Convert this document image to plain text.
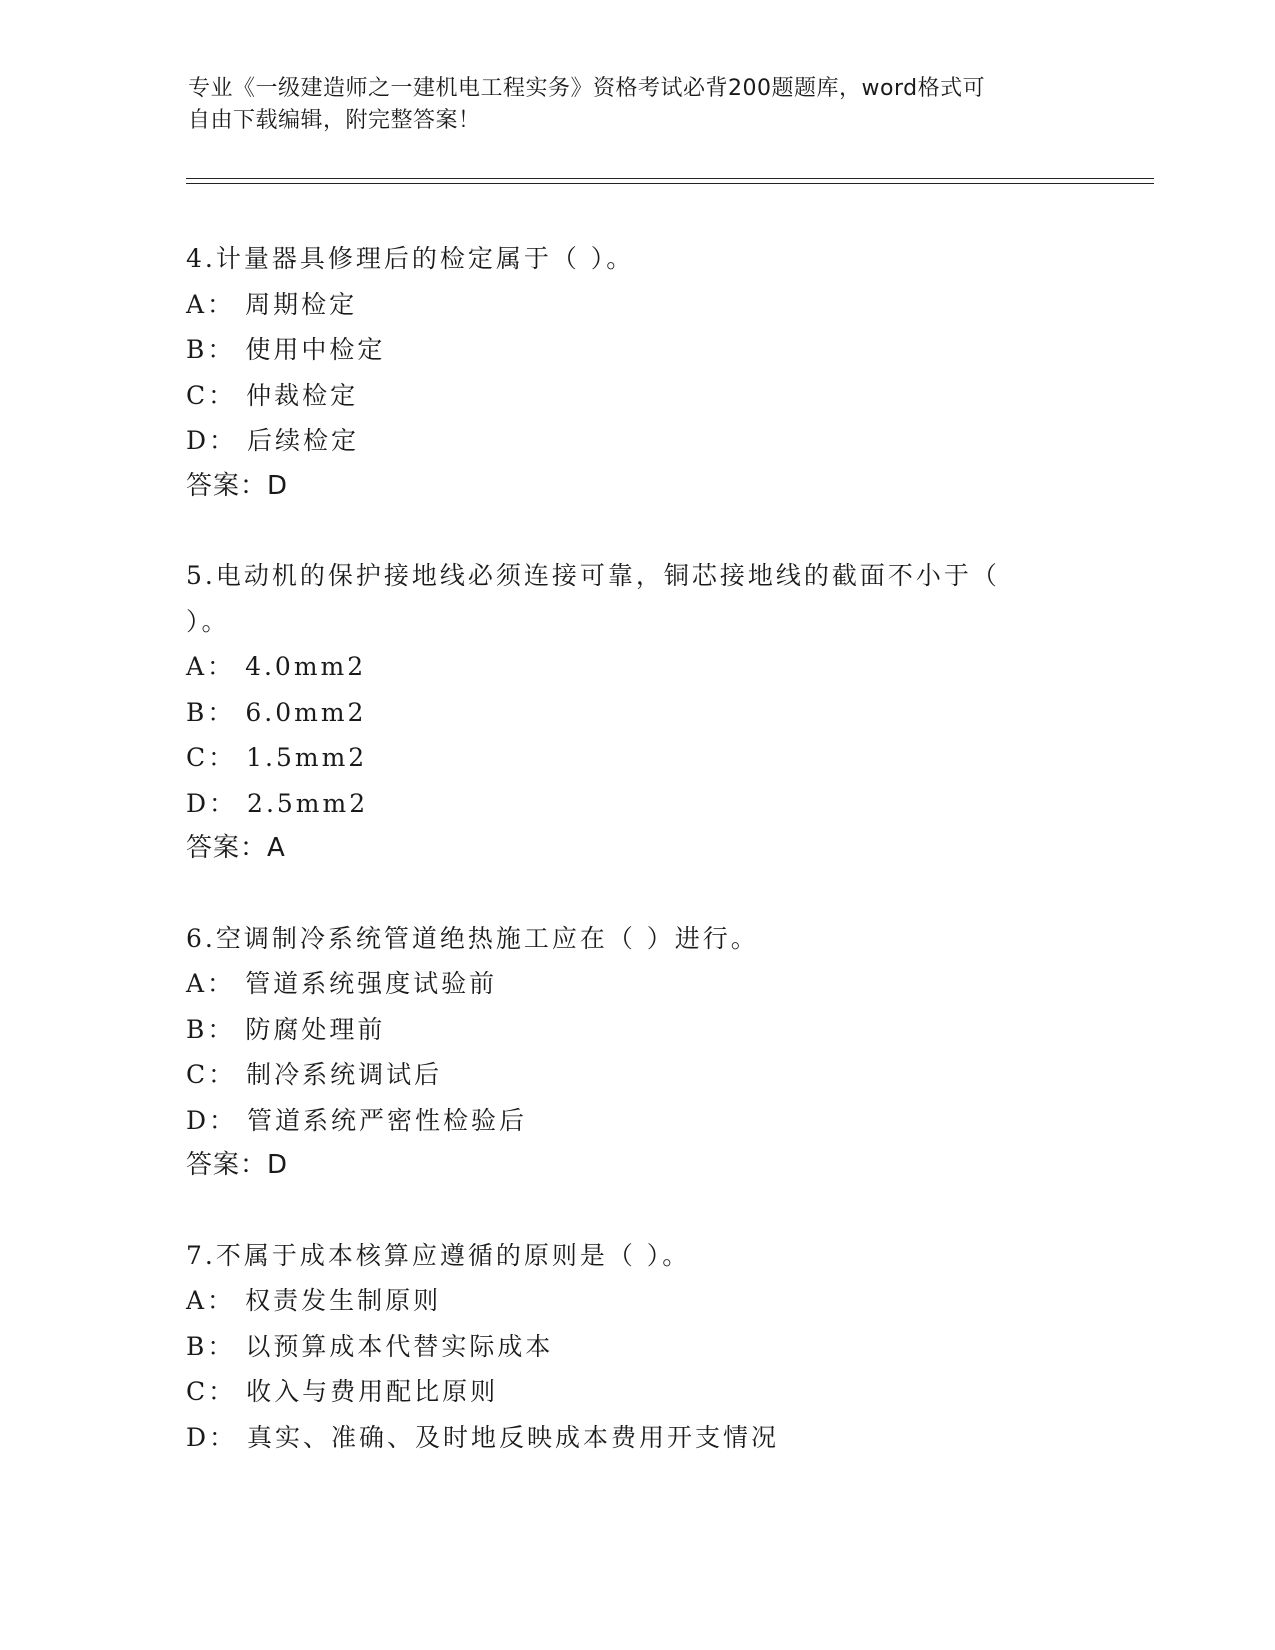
专业《一级建造师之一建机电工程实务》资格考试必背200题题库，word格式可
自由下载编辑，附完整答案！
4.计量器具修理后的检定属于（ ）。
A： 周期检定
B： 使用中检定
C： 仲裁检定
D： 后续检定
答案：D
5.电动机的保护接地线必须连接可靠，铜芯接地线的截面不小于（ ）。
A： 4.0mm2
B： 6.0mm2
C： 1.5mm2
D： 2.5mm2
答案：A
6.空调制冷系统管道绝热施工应在（ ）进行。
A： 管道系统强度试验前
B： 防腐处理前
C： 制冷系统调试后
D： 管道系统严密性检验后
答案：D
7.不属于成本核算应遵循的原则是（ ）。
A： 权责发生制原则
B： 以预算成本代替实际成本
C： 收入与费用配比原则
D： 真实、准确、及时地反映成本费用开支情况
